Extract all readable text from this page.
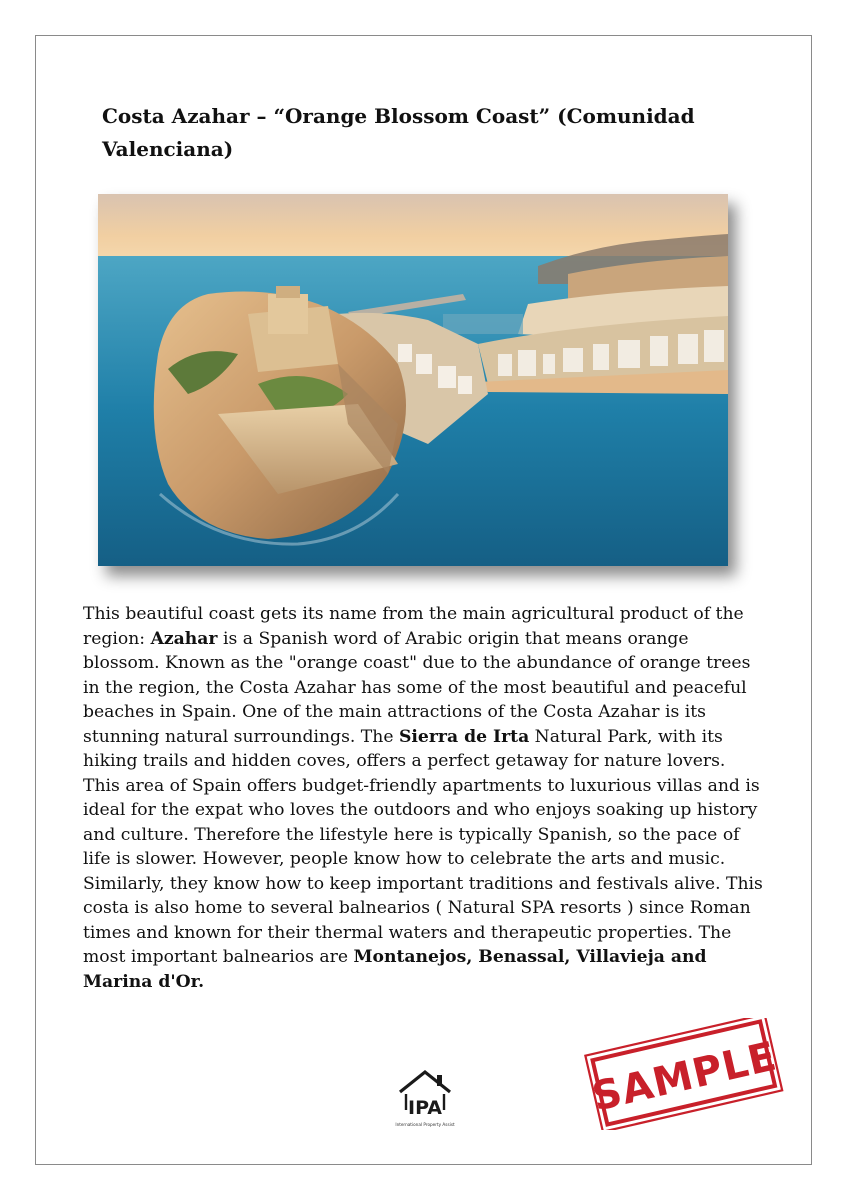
Costa Azahar – “Orange Blossom Coast” (Comunidad Valenciana)

This beautiful coast gets its name from the main agricultural product of the region: Azahar is a Spanish word of Arabic origin that means orange blossom. Known as the "orange coast" due to the abundance of orange trees in the region, the Costa Azahar has some of the most beautiful and peaceful beaches in Spain. One of the main attractions of the Costa Azahar is its stunning natural surroundings. The Sierra de Irta Natural Park, with its hiking trails and hidden coves, offers a perfect getaway for nature lovers. This area of Spain offers budget-friendly apartments to luxurious villas and is ideal for the expat who loves the outdoors and who enjoys soaking up history and culture. Therefore the lifestyle here is typically Spanish, so the pace of life is slower. However, people know how to celebrate the arts and music. Similarly, they know how to keep important traditions and festivals alive. This costa is also home to several balnearios ( Natural SPA resorts ) since Roman times and known for their thermal waters and therapeutic properties. The most important balnearios are Montanejos, Benassal, Villavieja and Marina d'Or.

IPA
International Property Assist
SAMPLE
